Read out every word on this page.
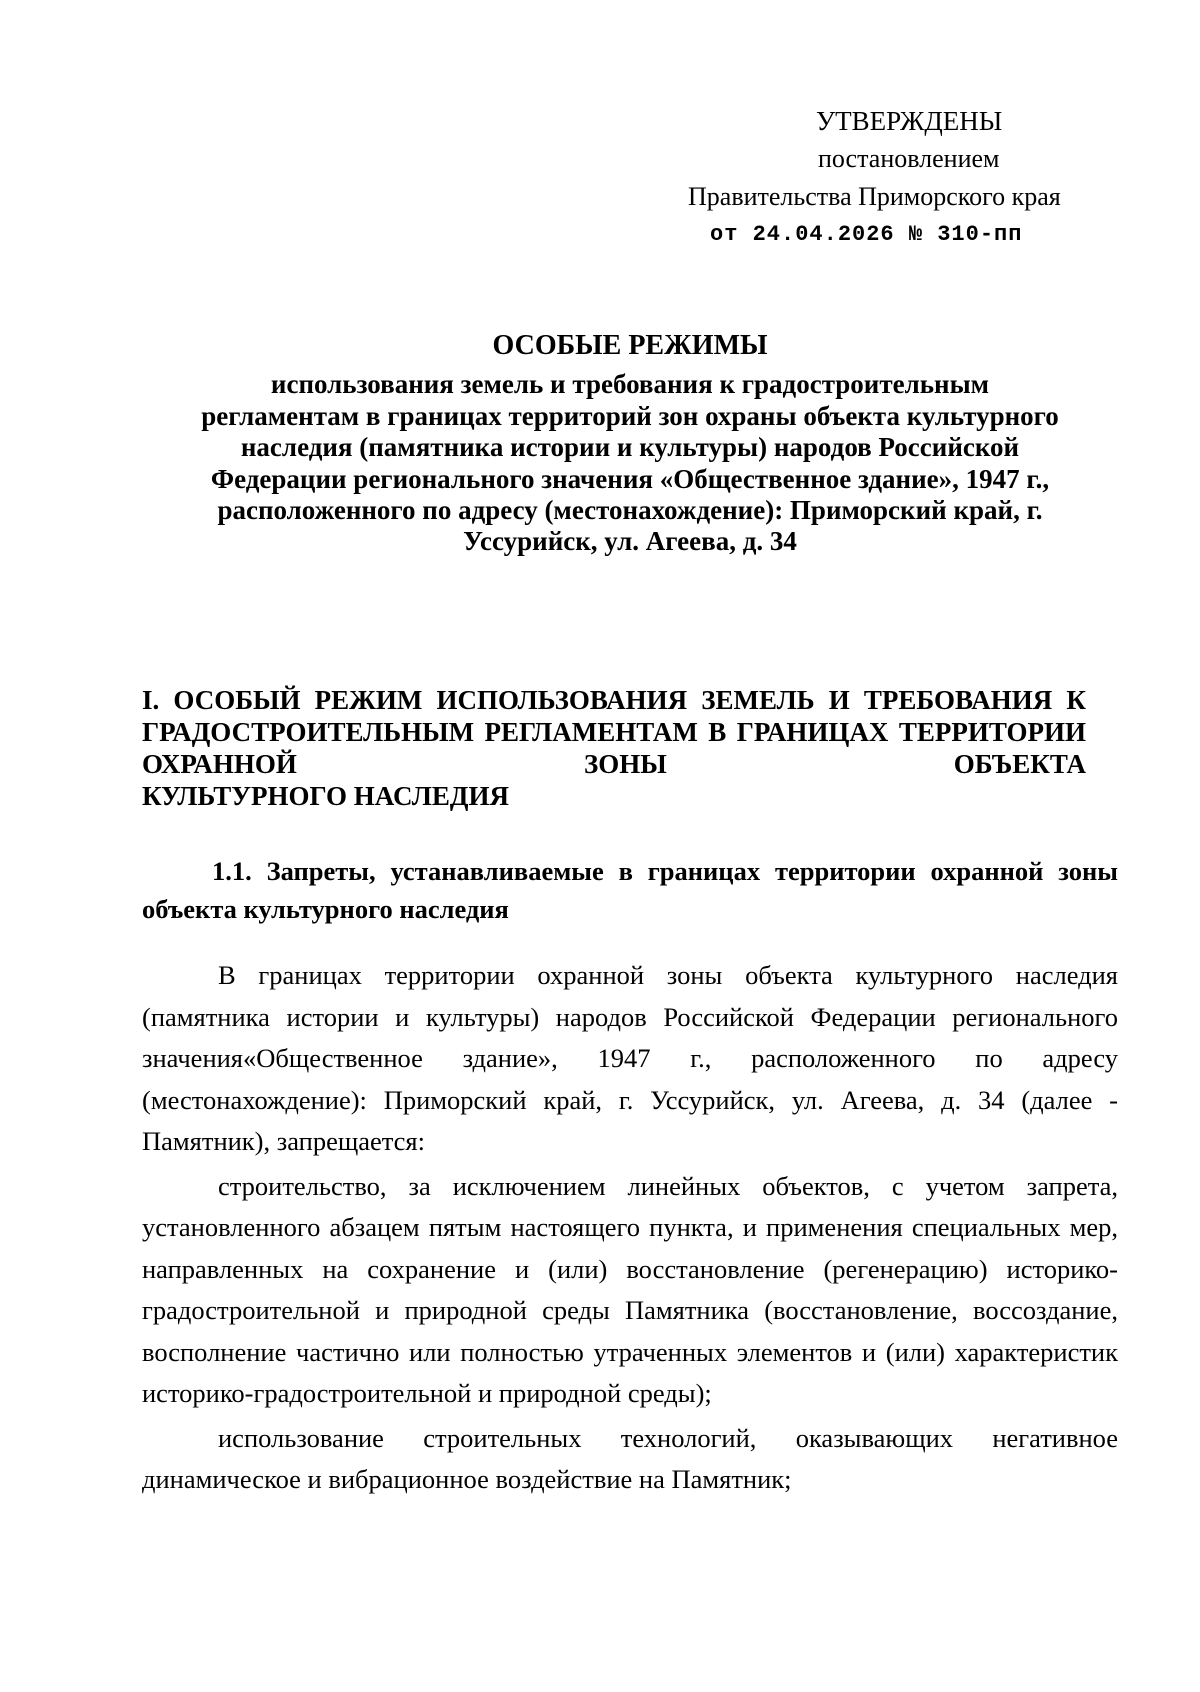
УТВЕРЖДЕНЫ
постановлением
Правительства Приморского края
от 24.04.2026 № 310-пп
ОСОБЫЕ РЕЖИМЫ
использования земель и требования к градостроительным регламентам в границах территорий зон охраны объекта культурного наследия (памятника истории и культуры) народов Российской Федерации регионального значения «Общественное здание», 1947 г., расположенного по адресу (местонахождение): Приморский край, г. Уссурийск, ул. Агеева, д. 34
I. ОСОБЫЙ РЕЖИМ ИСПОЛЬЗОВАНИЯ ЗЕМЕЛЬ И ТРЕБОВАНИЯ К ГРАДОСТРОИТЕЛЬНЫМ РЕГЛАМЕНТАМ В ГРАНИЦАХ ТЕРРИТОРИИ ОХРАННОЙ ЗОНЫ ОБЪЕКТА
КУЛЬТУРНОГО НАСЛЕДИЯ
1.1. Запреты, устанавливаемые в границах территории охранной зоны объекта культурного наследия

В границах территории охранной зоны объекта культурного наследия (памятника истории и культуры) народов Российской Федерации регионального значения«Общественное здание», 1947 г., расположенного по адресу (местонахождение): Приморский край, г. Уссурийск, ул. Агеева, д. 34 (далее - Памятник), запрещается:

строительство, за исключением линейных объектов, с учетом запрета, установленного абзацем пятым настоящего пункта, и применения специальных мер, направленных на сохранение и (или) восстановление (регенерацию) историко-градостроительной и природной среды Памятника (восстановление, воссоздание, восполнение частично или полностью утраченных элементов и (или) характеристик историко-градостроительной и природной среды);

использование строительных технологий, оказывающих негативное динамическое и вибрационное воздействие на Памятник;
